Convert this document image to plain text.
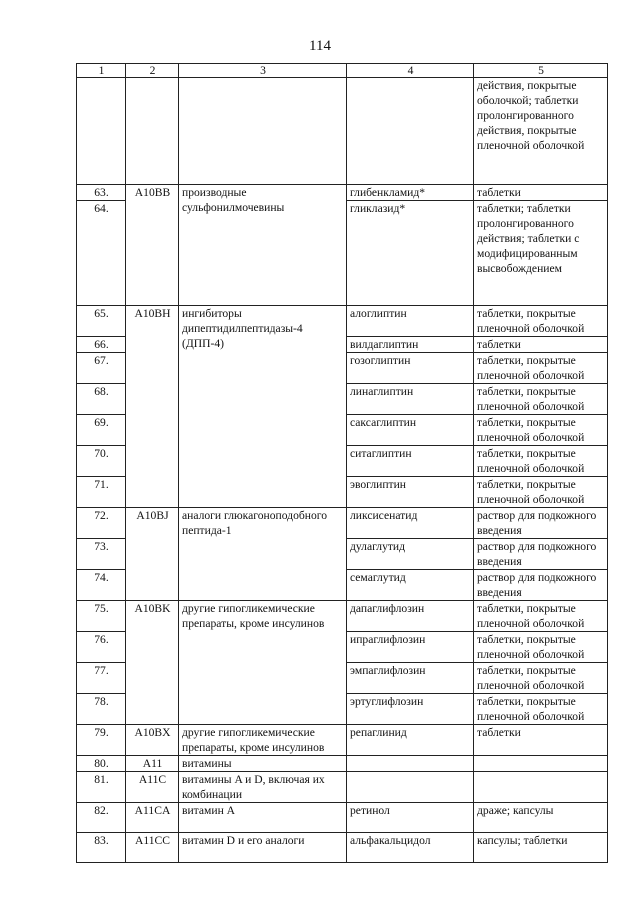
114
1	2	3	4	5
				действия, покрытые оболочкой; таблетки пролонгированного действия, покрытые пленочной оболочкой
63.	A10BB	производные сульфонилмочевины	глибенкламид*	таблетки
64.			гликлазид*	таблетки; таблетки пролонгированного действия; таблетки с модифицированным высвобождением
65.	A10BH	ингибиторы дипептидилпептидазы-4 (ДПП-4)	алоглиптин	таблетки, покрытые пленочной оболочкой
66.			вилдаглиптин	таблетки
67.			гозоглиптин	таблетки, покрытые пленочной оболочкой
68.			линаглиптин	таблетки, покрытые пленочной оболочкой
69.			саксаглиптин	таблетки, покрытые пленочной оболочкой
70.			ситаглиптин	таблетки, покрытые пленочной оболочкой
71.			эвоглиптин	таблетки, покрытые пленочной оболочкой
72.	A10BJ	аналоги глюкагоноподобного пептида-1	ликсисенатид	раствор для подкожного введения
73.			дулаглутид	раствор для подкожного введения
74.			семаглутид	раствор для подкожного введения
75.	A10BK	другие гипогликемические препараты, кроме инсулинов	дапаглифлозин	таблетки, покрытые пленочной оболочкой
76.			ипраглифлозин	таблетки, покрытые пленочной оболочкой
77.			эмпаглифлозин	таблетки, покрытые пленочной оболочкой
78.			эртуглифлозин	таблетки, покрытые пленочной оболочкой
79.	A10BX	другие гипогликемические препараты, кроме инсулинов	репаглинид	таблетки
80.	A11	витамины		
81.	A11C	витамины A и D, включая их комбинации		
82.	A11CA	витамин A	ретинол	драже; капсулы
83.	A11CC	витамин D и его аналоги	альфакальцидол	капсулы; таблетки
